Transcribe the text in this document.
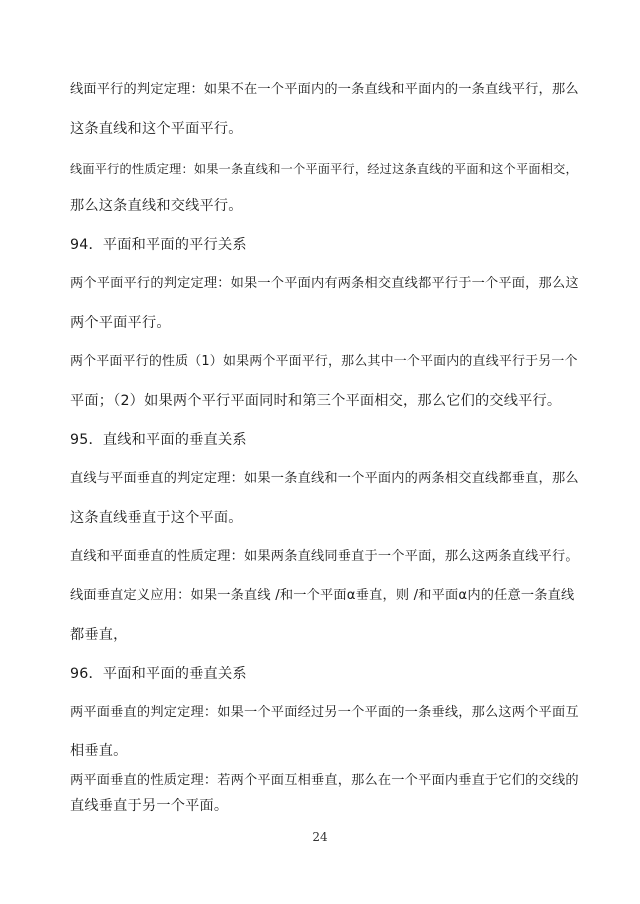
线面平行的判定定理：如果不在一个平面内的一条直线和平面内的一条直线平行，那么
这条直线和这个平面平行。
线面平行的性质定理：如果一条直线和一个平面平行，经过这条直线的平面和这个平面相交，
那么这条直线和交线平行。
94．平面和平面的平行关系
两个平面平行的判定定理：如果一个平面内有两条相交直线都平行于一个平面，那么这
两个平面平行。
两个平面平行的性质（1）如果两个平面平行，那么其中一个平面内的直线平行于另一个
平面；（2）如果两个平行平面同时和第三个平面相交，那么它们的交线平行。
95．直线和平面的垂直关系
直线与平面垂直的判定定理：如果一条直线和一个平面内的两条相交直线都垂直，那么
这条直线垂直于这个平面。
直线和平面垂直的性质定理：如果两条直线同垂直于一个平面，那么这两条直线平行。
线面垂直定义应用：如果一条直线 /和一个平面α垂直，则 /和平面α内的任意一条直线
都垂直，
96．平面和平面的垂直关系
两平面垂直的判定定理：如果一个平面经过另一个平面的一条垂线，那么这两个平面互
相垂直。
两平面垂直的性质定理：若两个平面互相垂直，那么在一个平面内垂直于它们的交线的
直线垂直于另一个平面。
24
